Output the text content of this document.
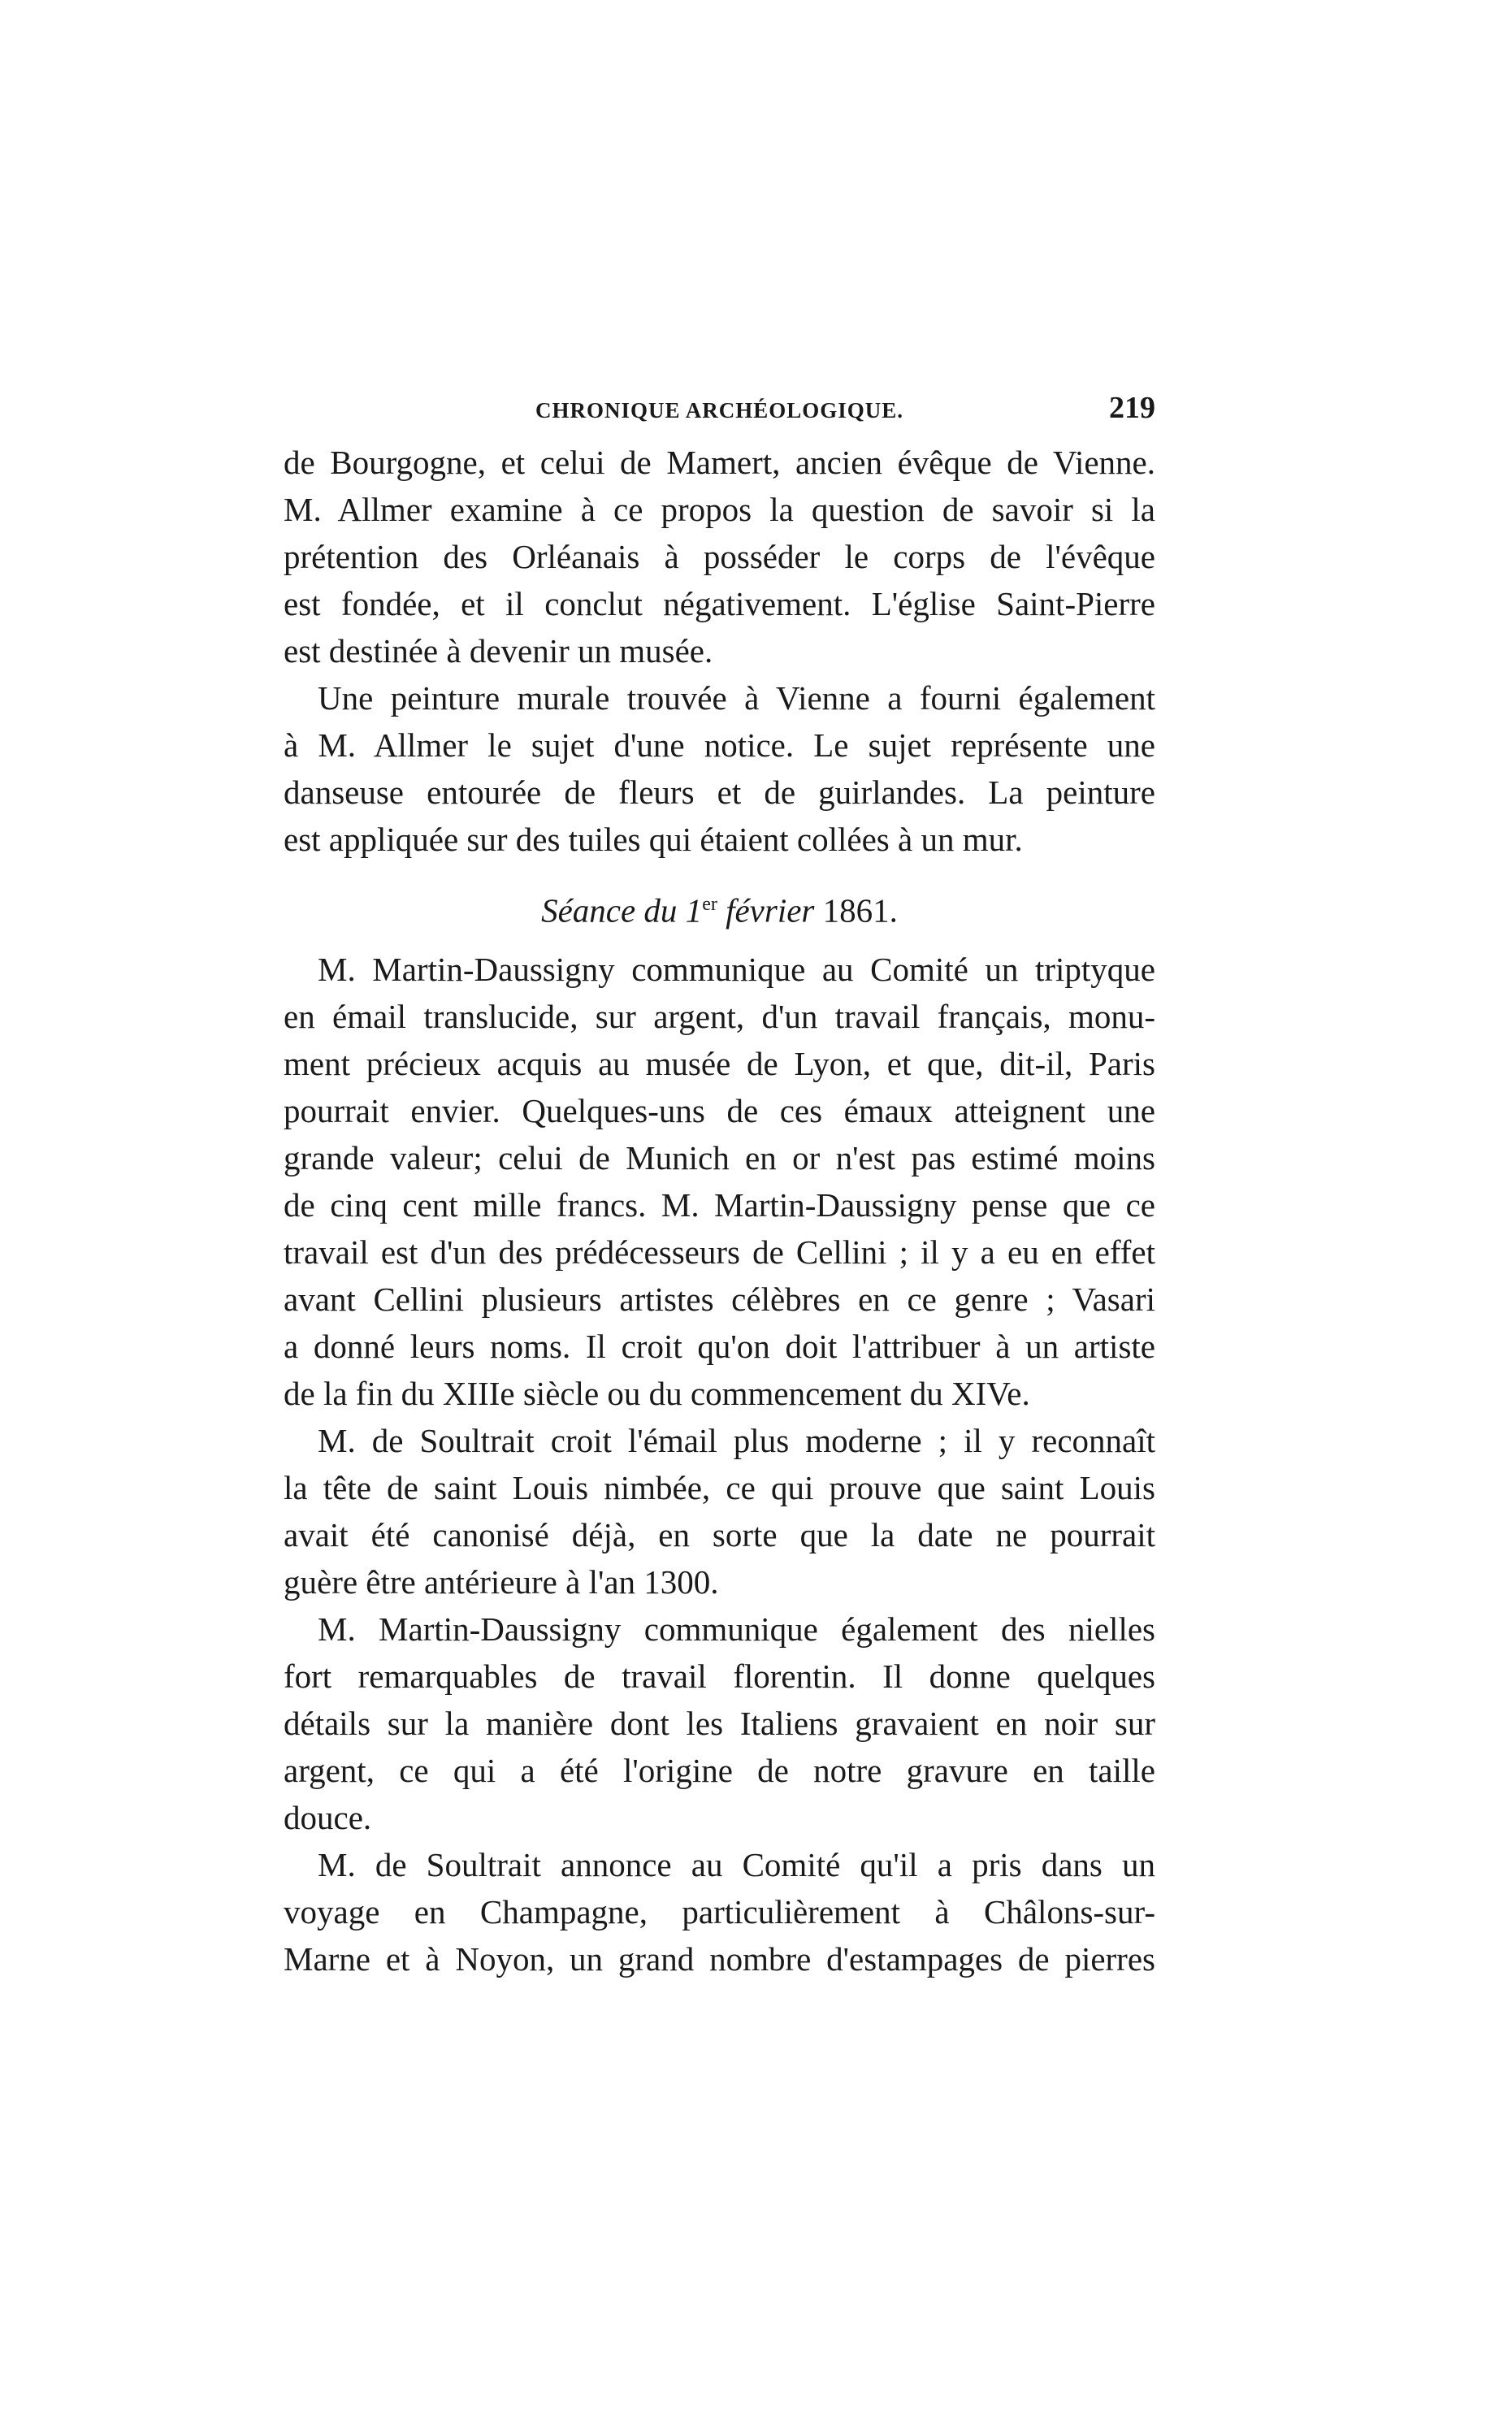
CHRONIQUE ARCHÉOLOGIQUE.	219
de Bourgogne, et celui de Mamert, ancien évêque de Vienne.
M. Allmer examine à ce propos la question de savoir si la
prétention des Orléanais à posséder le corps de l'évêque
est fondée, et il conclut négativement. L'église Saint-Pierre
est destinée à devenir un musée.
Une peinture murale trouvée à Vienne a fourni également
à M. Allmer le sujet d'une notice. Le sujet représente une
danseuse entourée de fleurs et de guirlandes. La peinture
est appliquée sur des tuiles qui étaient collées à un mur.
Séance du 1er février 1861.
M. Martin-Daussigny communique au Comité un triptyque
en émail translucide, sur argent, d'un travail français, monu-
ment précieux acquis au musée de Lyon, et que, dit-il, Paris
pourrait envier. Quelques-uns de ces émaux atteignent une
grande valeur; celui de Munich en or n'est pas estimé moins
de cinq cent mille francs. M. Martin-Daussigny pense que ce
travail est d'un des prédécesseurs de Cellini ; il y a eu en effet
avant Cellini plusieurs artistes célèbres en ce genre ; Vasari
a donné leurs noms. Il croit qu'on doit l'attribuer à un artiste
de la fin du XIIIe siècle ou du commencement du XIVe.
M. de Soultrait croit l'émail plus moderne ; il y reconnaît
la tête de saint Louis nimbée, ce qui prouve que saint Louis
avait été canonisé déjà, en sorte que la date ne pourrait
guère être antérieure à l'an 1300.
M. Martin-Daussigny communique également des nielles
fort remarquables de travail florentin. Il donne quelques
détails sur la manière dont les Italiens gravaient en noir sur
argent, ce qui a été l'origine de notre gravure en taille
douce.
M. de Soultrait annonce au Comité qu'il a pris dans un
voyage en Champagne, particulièrement à Châlons-sur-
Marne et à Noyon, un grand nombre d'estampages de pierres
